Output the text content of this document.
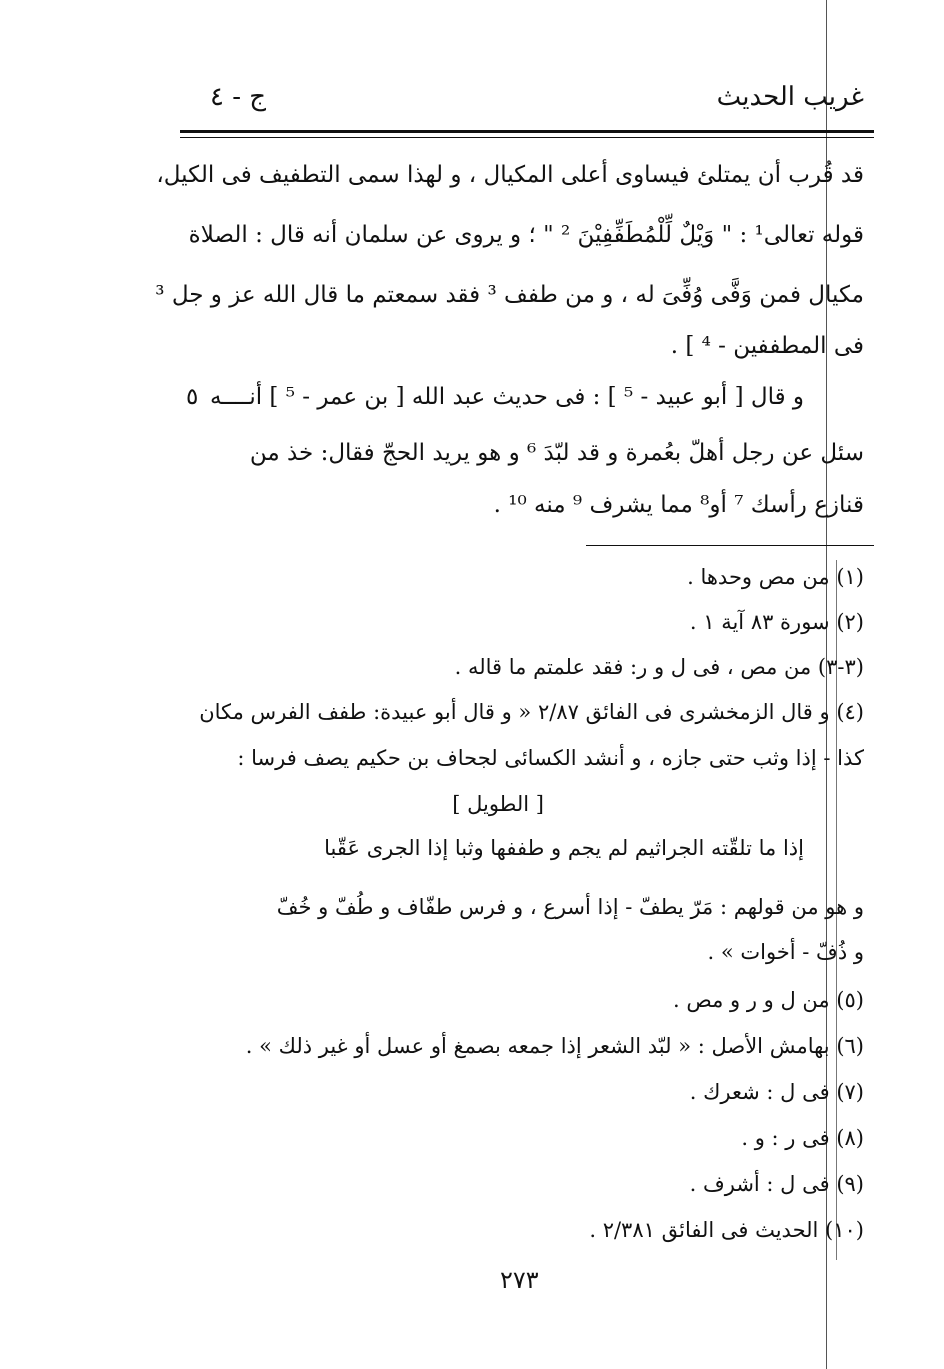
غريب الحديث
ج - ٤
قد قُرب أن يمتلئ فيساوى أعلى المكيال ، و لهذا سمى التطفيف فى الكيل،
قوله تعالى¹ : " وَيْلٌ لِّلْمُطَفِّفِيْنَ ² " ؛ و يروى عن سلمان أنه قال : الصلاة
مكيال فمن وَفَّى وُفِّىَ له ، و من طفف ³ فقد سمعتم ما قال الله عز و جل ³
فى المطففين - ⁴ ] .
و قال [ أبو عبيد - ⁵ ] : فى حديث عبد الله [ بن عمر - ⁵ ] أنــــه
٥
سئل عن رجل أهلّ بعُمرة و قد لبّدَ ⁶ و هو يريد الحجّ فقال: خذ من
قنازع رأسك ⁷ أو⁸ مما يشرف ⁹ منه ¹⁰ .
(١) من مص وحدها .
(٢) سورة ٨٣ آية ١ .
(٣-٣) من مص ، فى ل و ر: فقد علمتم ما قاله .
(٤) و قال الزمخشرى فى الفائق ٢/٨٧ « و قال أبو عبيدة: طفف الفرس مكان
كذا - إذا وثب حتى جازه ، و أنشد الكسائى لجحاف بن حكيم يصف فرسا :
[ الطويل ]
إذا ما تلقّته الجراثيم لم يجم و طففها وثبا إذا الجرى عَقّبا
و هو من قولهم : مَرّ يطفّ - إذا أسرع ، و فرس طفّاف و طُفّ و خُفّ
و ذُفّ - أخوات » .
(٥) من ل و ر و مص .
(٦) بهامش الأصل : « لبّد الشعر إذا جمعه بصمغ أو عسل أو غير ذلك » .
(٧) فى ل : شعرك .
(٨) فى ر : و .
(٩) فى ل : أشرف .
(١٠) الحديث فى الفائق ٢/٣٨١ .
٢٧٣
